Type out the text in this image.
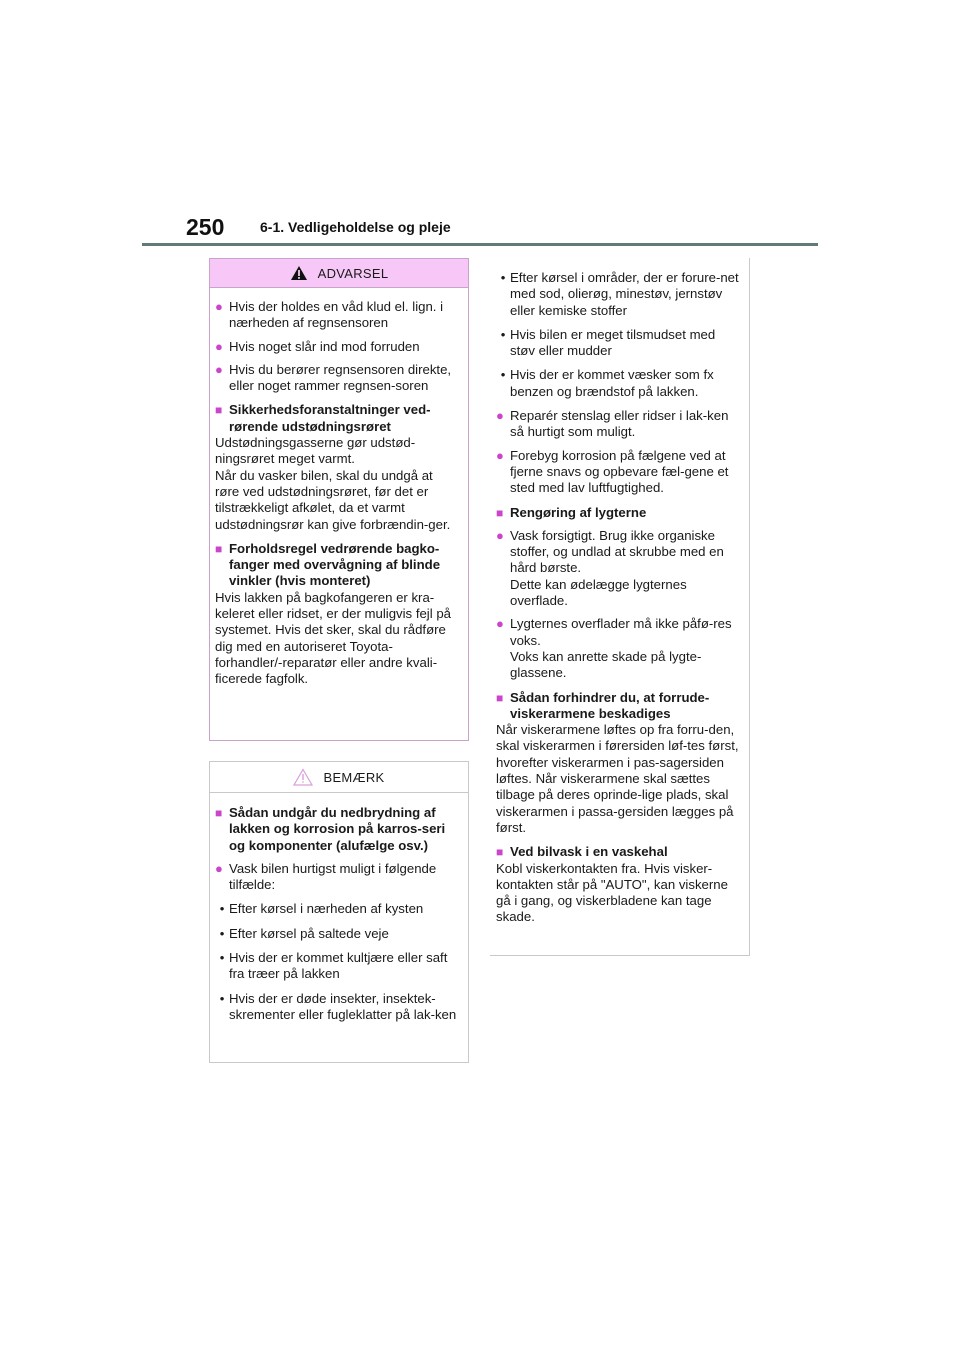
250	6-1. Vedligeholdelse og pleje
ADVARSEL
● Hvis der holdes en våd klud el. lign. i nærheden af regnsensoren
● Hvis noget slår ind mod forruden
● Hvis du berører regnsensoren direkte, eller noget rammer regnsen-soren
■ Sikkerhedsforanstaltninger ved-rørende udstødningsrøret

Udstødningsgasserne gør udstød-ningsrøret meget varmt.

Når du vasker bilen, skal du undgå at røre ved udstødningsrøret, før det er tilstrækkeligt afkølet, da et varmt udstødningsrør kan give forbrændin-ger.

■ Forholdsregel vedrørende bagko-fanger med overvågning af blinde vinkler (hvis monteret)

Hvis lakken på bagkofangeren er kra-keleret eller ridset, er der muligvis fejl på systemet. Hvis det sker, skal du rådføre dig med en autoriseret Toyota-forhandler/-reparatør eller andre kvali-ficerede fagfolk.

BEMÆRK
■ Sådan undgår du nedbrydning af lakken og korrosion på karros-seri og komponenter (alufælge osv.)
● Vask bilen hurtigst muligt i følgende tilfælde:
• Efter kørsel i nærheden af kysten
• Efter kørsel på saltede veje
• Hvis der er kommet kultjære eller saft fra træer på lakken
• Hvis der er døde insekter, insektek-skrementer eller fugleklatter på lak-ken
• Efter kørsel i områder, der er forure-net med sod, olierøg, minestøv, jernstøv eller kemiske stoffer
• Hvis bilen er meget tilsmudset med støv eller mudder
• Hvis der er kommet væsker som fx benzen og brændstof på lakken.
● Reparér stenslag eller ridser i lak-ken så hurtigt som muligt.
● Forebyg korrosion på fælgene ved at fjerne snavs og opbevare fæl-gene et sted med lav luftfugtighed.
■ Rengøring af lygterne
● Vask forsigtigt. Brug ikke organiske stoffer, og undlad at skrubbe med en hård børste.
Dette kan ødelægge lygternes overflade.
● Lygternes overflader må ikke påfø-res voks.
Voks kan anrette skade på lygte-glassene.
■ Sådan forhindrer du, at forrude-viskerarmene beskadiges

Når viskerarmene løftes op fra forru-den, skal viskerarmen i førersiden løf-tes først, hvorefter viskerarmen i pas-sagersiden løftes. Når viskerarmene skal sættes tilbage på deres oprinde-lige plads, skal viskerarmen i passa-gersiden lægges på først.

■ Ved bilvask i en vaskehal

Kobl viskerkontakten fra. Hvis visker-kontakten står på "AUTO", kan viskerne gå i gang, og viskerbladene kan tage skade.
